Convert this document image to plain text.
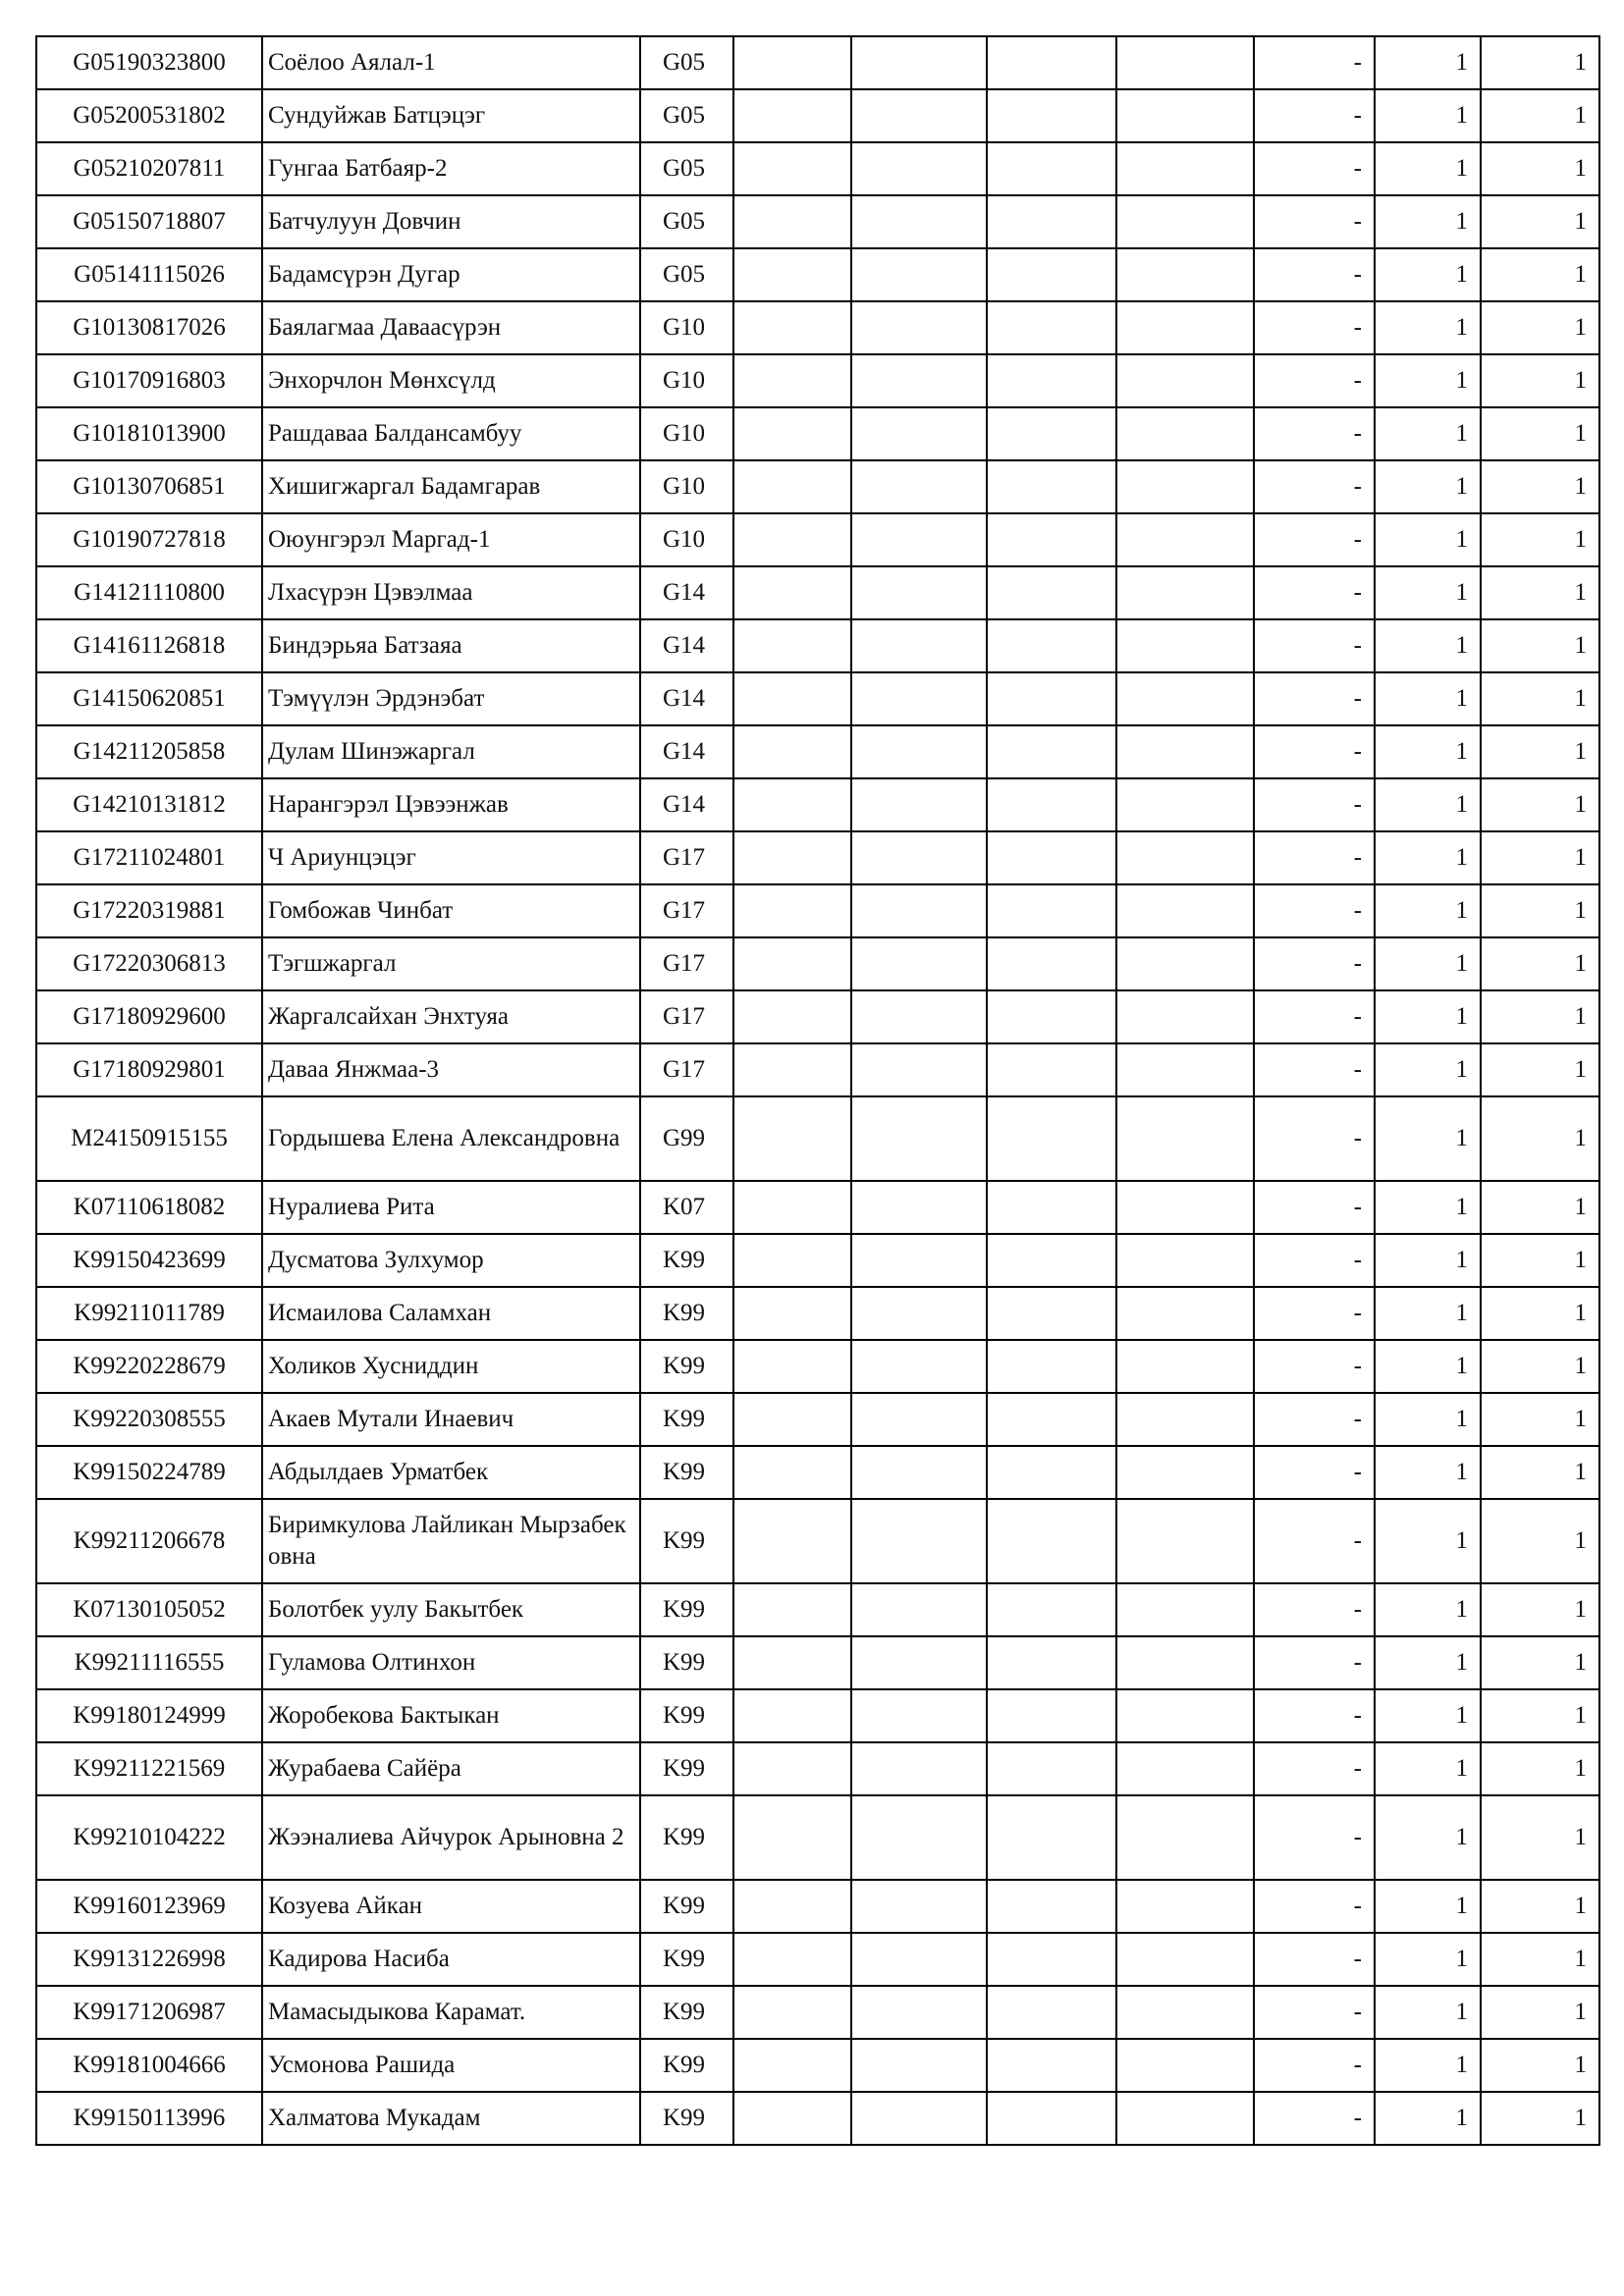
G05190323800	Соёлоо Аялал-1	G05					-	1	1
G05200531802	Сундуйжав Батцэцэг	G05					-	1	1
G05210207811	Гунгаа Батбаяр-2	G05					-	1	1
G05150718807	Батчулуун Довчин	G05					-	1	1
G05141115026	Бадамсүрэн Дугар	G05					-	1	1
G10130817026	Баялагмаа Даваасүрэн	G10					-	1	1
G10170916803	Энхорчлон Мөнхсүлд	G10					-	1	1
G10181013900	Рашдаваа Балдансамбуу	G10					-	1	1
G10130706851	Хишигжаргал Бадамгарав	G10					-	1	1
G10190727818	Оюунгэрэл Маргад-1	G10					-	1	1
G14121110800	Лхасүрэн Цэвэлмаа	G14					-	1	1
G14161126818	Биндэрьяа Батзаяа	G14					-	1	1
G14150620851	Тэмүүлэн Эрдэнэбат	G14					-	1	1
G14211205858	Дулам Шинэжаргал	G14					-	1	1
G14210131812	Нарангэрэл Цэвээнжав	G14					-	1	1
G17211024801	Ч Ариунцэцэг	G17					-	1	1
G17220319881	Гомбожав Чинбат	G17					-	1	1
G17220306813	Тэгшжаргал	G17					-	1	1
G17180929600	Жаргалсайхан Энхтуяа	G17					-	1	1
G17180929801	Даваа Янжмаа-3	G17					-	1	1
M24150915155	Гордышева Елена Александровна	G99					-	1	1
K07110618082	Нуралиева Рита	K07					-	1	1
K99150423699	Дусматова Зулхумор	K99					-	1	1
K99211011789	Исмаилова Саламхан	K99					-	1	1
K99220228679	Холиков Хусниддин	K99					-	1	1
K99220308555	Акаев Мутали Инаевич	K99					-	1	1
K99150224789	Абдылдаев Урматбек	K99					-	1	1
K99211206678	Биримкулова Лайликан Мырзабековна	K99					-	1	1
K07130105052	Болотбек уулу Бакытбек	K99					-	1	1
K99211116555	Гуламова Олтинхон	K99					-	1	1
K99180124999	Жоробекова Бактыкан	K99					-	1	1
K99211221569	Журабаева Сайёра	K99					-	1	1
K99210104222	Жээналиева Айчурок Арыновна 2	K99					-	1	1
K99160123969	Козуева Айкан	K99					-	1	1
K99131226998	Кадирова Насиба	K99					-	1	1
K99171206987	Мамасыдыкова Карамат.	K99					-	1	1
K99181004666	Усмонова Рашида	K99					-	1	1
K99150113996	Халматова Мукадам	K99					-	1	1
